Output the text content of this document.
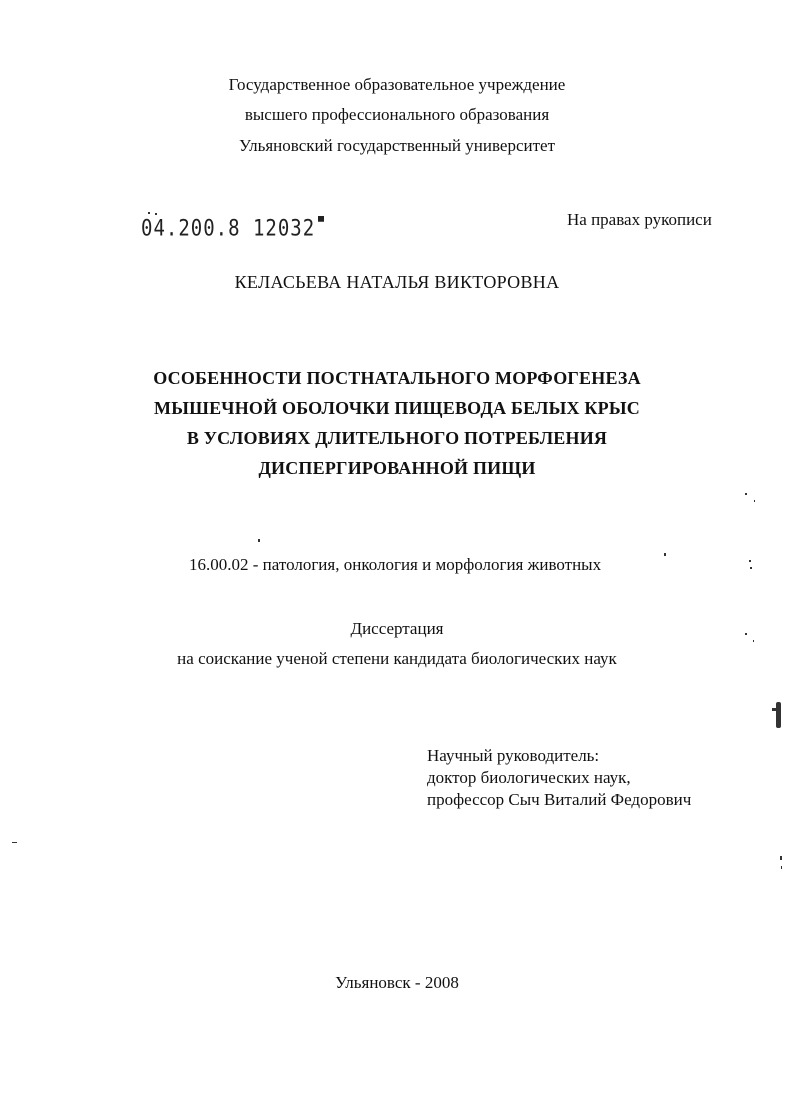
Государственное образовательное учреждение
высшего профессионального образования
Ульяновский государственный университет
04.200.8 12032	На правах рукописи
КЕЛАСЬЕВА НАТАЛЬЯ ВИКТОРОВНА
ОСОБЕННОСТИ ПОСТНАТАЛЬНОГО МОРФОГЕНЕЗА
МЫШЕЧНОЙ ОБОЛОЧКИ ПИЩЕВОДА БЕЛЫХ КРЫС
В УСЛОВИЯХ ДЛИТЕЛЬНОГО ПОТРЕБЛЕНИЯ
ДИСПЕРГИРОВАННОЙ ПИЩИ
16.00.02 - патология, онкология и морфология животных
Диссертация
на соискание ученой степени кандидата биологических наук
Научный руководитель:
доктор биологических наук,
профессор Сыч Виталий Федорович
Ульяновск - 2008
